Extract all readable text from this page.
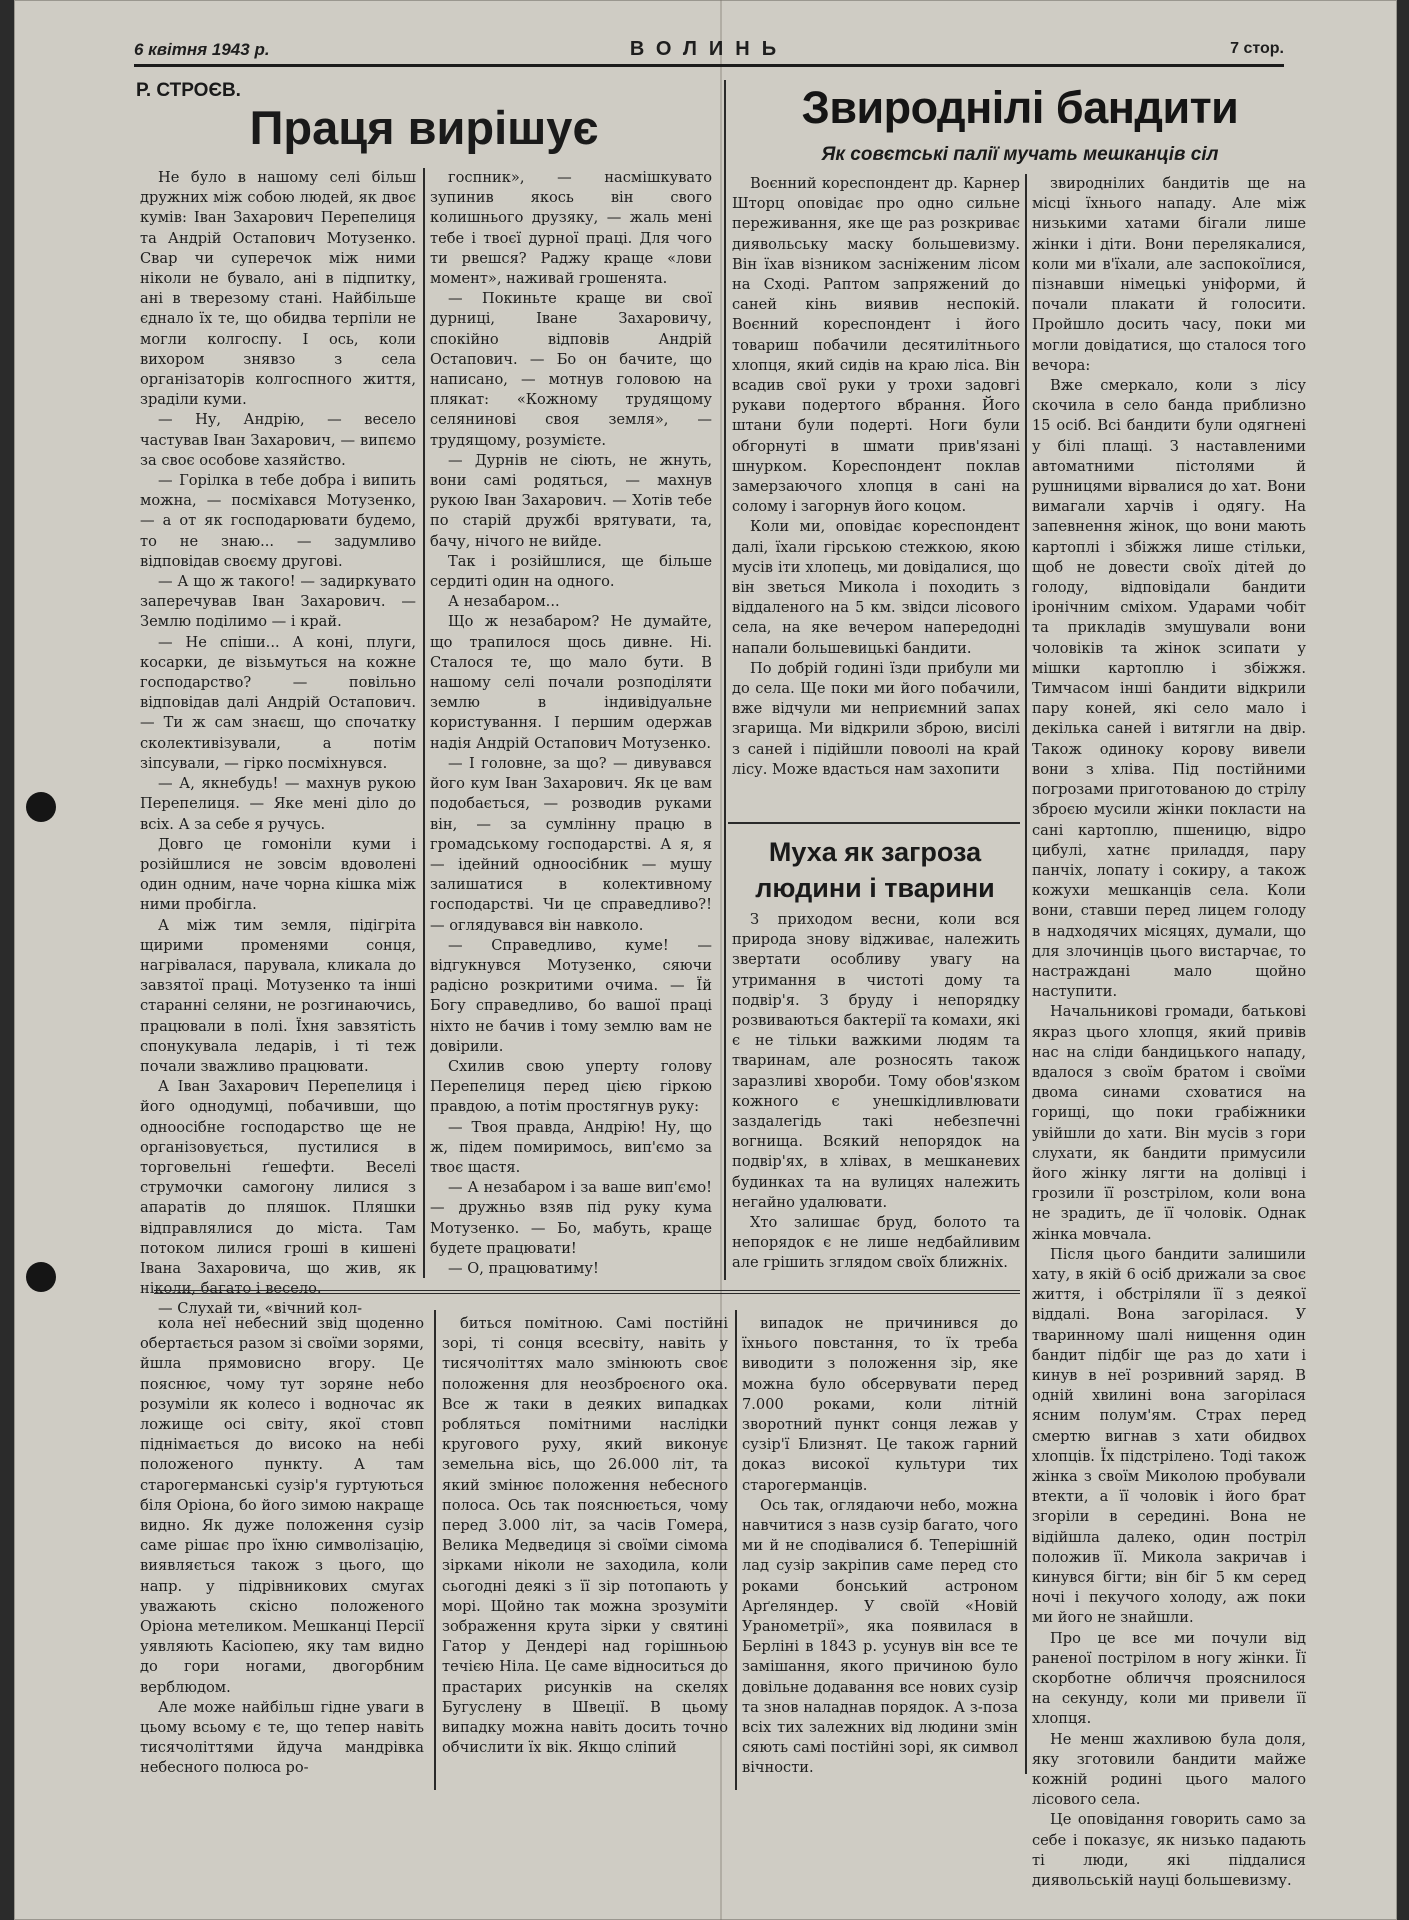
6 квітня 1943 р.	ВОЛИНЬ	7 стор.
Р. СТРОЄВ.
Праця вирішує

Не було в нашому селі більш дружних між собою людей, як двоє кумів: Іван Захарович Перепелиця та Андрій Остапович Мотузенко. Свар чи суперечок між ними ніколи не бувало, ані в підпитку, ані в тверезому стані. Найбільше єднало їх те, що обидва терпіли не могли колгоспу. І ось, коли вихором знявзо з села організаторів колгоспного життя, зраділи куми.

— Ну, Андрію, — весело частував Іван Захарович, — випємо за своє особове хазяйство.

— Горілка в тебе добра і випить можна, — посміхався Мотузенко, — а от як господарювати будемо, то не знаю... — задумливо відповідав своєму другові.

— А що ж такого! — задиркувато заперечував Іван Захарович. — Землю поділимо — і край.

— Не спіши... А коні, плуги, косарки, де візьмуться на кожне господарство? — повільно відповідав далі Андрій Остапович. — Ти ж сам знаєш, що спочатку сколективізували, а потім зіпсували, — гірко посміхнувся.

— А, якнебудь! — махнув рукою Перепелиця. — Яке мені діло до всіх. А за себе я ручусь.

Довго це гомоніли куми і розійшлися не зовсім вдоволені один одним, наче чорна кішка між ними пробігла.

А між тим земля, підігріта щирими променями сонця, нагрівалася, парувала, кликала до завзятої праці. Мотузенко та інші старанні селяни, не розгинаючись, працювали в полі. Їхня завзятість спонукувала ледарів, і ті теж почали зважливо працювати.

А Іван Захарович Перепелиця і його однодумці, побачивши, що одноосібне господарство ще не організовується, пустилися в торговельні ґешефти. Веселі струмочки самогону лилися з апаратів до пляшок. Пляшки відправлялися до міста. Там потоком лилися гроші в кишені Івана Захаровича, що жив, як ніколи, багато і весело.

— Слухай ти, «вічний кол-

госпник», — насмішкувато зупинив якось він свого колишнього друзяку, — жаль мені тебе і твоєї дурної праці. Для чого ти рвешся? Раджу краще «лови момент», наживай грошенята.

— Покиньте краще ви свої дурниці, Іване Захаровичу, спокійно відповів Андрій Остапович. — Бо он бачите, що написано, — мотнув головою на плякат: «Кожному трудящому селянинові своя земля», — трудящому, розумієте.

— Дурнів не сіють, не жнуть, вони самі родяться, — махнув рукою Іван Захарович. — Хотів тебе по старій дружбі врятувати, та, бачу, нічого не вийде.

Так і розійшлися, ще більше сердиті один на одного.

А незабаром...

Що ж незабаром? Не думайте, що трапилося щось дивне. Ні. Сталося те, що мало бути. В нашому селі почали розподіляти землю в індивідуальне користування. І першим одержав надія Андрій Остапович Мотузенко.

— І головне, за що? — дивувався його кум Іван Захарович. Як це вам подобається, — розводив руками він, — за сумлінну працю в громадському господарстві. А я, я — ідейний одноосібник — мушу залишатися в колективному господарстві. Чи це справедливо?! — оглядувався він навколо.

— Справедливо, куме! — відгукнувся Мотузенко, сяючи радісно розкритими очима. — Їй Богу справедливо, бо вашої праці ніхто не бачив і тому землю вам не довірили.

Схилив свою уперту голову Перепелиця перед цією гіркою правдою, а потім простягнув руку:

— Твоя правда, Андрію! Ну, що ж, підем помиримось, вип'ємо за твоє щастя.

— А незабаром і за ваше вип'ємо! — дружньо взяв під руку кума Мотузенко. — Бо, мабуть, краще будете працювати!

— О, працюватиму!

Звироднілі бандити
Як совєтські палії мучать мешканців сіл

Воєнний кореспондент др. Карнер Шторц оповідає про одно сильне переживання, яке ще раз розкриває диявольську маску большевизму. Він їхав візником засніженим лісом на Сході. Раптом запряжений до саней кінь виявив неспокій. Воєнний кореспондент і його товариш побачили десятилітнього хлопця, який сидів на краю ліса. Він всадив свої руки у трохи задовгі рукави подертого вбрання. Його штани були подерті. Ноги були обгорнуті в шмати прив'язані шнурком. Кореспондент поклав замерзаючого хлопця в сані на солому і загорнув його коцом.

Коли ми, оповідає кореспондент далі, їхали гірською стежкою, якою мусів іти хлопець, ми довідалися, що він зветься Микола і походить з віддаленого на 5 км. звідси лісового села, на яке вечером напередодні напали большевицькі бандити.

По добрій годині їзди прибули ми до села. Ще поки ми його побачили, вже відчули ми неприємний запах згарища. Ми відкрили зброю, висілі з саней і підійшли повоолі на край лісу. Може вдасться нам захопити

звироднілих бандитів ще на місці їхнього нападу. Але між низькими хатами бігали лише жінки і діти. Вони перелякалися, коли ми в'їхали, але заспокоїлися, пізнавши німецькі уніформи, й почали плакати й голосити. Пройшло досить часу, поки ми могли довідатися, що сталося того вечора:

Вже смеркало, коли з лісу скочила в село банда приблизно 15 осіб. Всі бандити були одягнені у білі плащі. З наставленими автоматними пістолями й рушницями вірвалися до хат. Вони вимагали харчів і одягу. На запевнення жінок, що вони мають картоплі і збіжжя лише стільки, щоб не довести своїх дітей до голоду, відповідали бандити іронічним сміхом. Ударами чобіт та прикладів змушували вони чоловіків та жінок зсипати у мішки картоплю і збіжжя. Тимчасом інші бандити відкрили пару коней, які село мало і декілька саней і витягли на двір. Також одиноку корову вивели вони з хліва. Під постійними погрозами приготованою до стрілу зброєю мусили жінки покласти на сані картоплю, пшеницю, відро цибулі, хатнє приладдя, пару панчіх, лопату і сокиру, а також кожухи мешканців села. Коли вони, ставши перед лицем голоду в надходячих місяцях, думали, що для злочинців цього вистарчає, то настраждані мало щойно наступити.

Начальникові громади, батькові якраз цього хлопця, який привів нас на сліди бандицького нападу, вдалося з своїм братом і своїми двома синами сховатися на горищі, що поки грабіжники увійшли до хати. Він мусів з гори слухати, як бандити примусили його жінку лягти на долівці і грозили її розстрілом, коли вона не зрадить, де її чоловік. Однак жінка мовчала.

Після цього бандити залишили хату, в якій 6 осіб дрижали за своє життя, і обстріляли її з деякої віддалі. Вона загорілася. У тваринному шалі нищення один бандит підбіг ще раз до хати і кинув в неї розривний заряд. В одній хвилині вона загорілася ясним полум'ям. Страх перед смертю вигнав з хати обидвох хлопців. Їх підстрілено. Тоді також жінка з своїм Миколою пробували втекти, а її чоловік і його брат згоріли в середині. Вона не відійшла далеко, один постріл положив її. Микола закричав і кинувся бігти; він біг 5 км серед ночі і пекучого холоду, аж поки ми його не знайшли.

Про це все ми почули від раненої пострілом в ногу жінки. Її скорботне обличчя прояснилося на секунду, коли ми привели її хлопця.

Не менш жахливою була доля, яку зготовили бандити майже кожній родині цього малого лісового села.

Це оповідання говорить само за себе і показує, як низько падають ті люди, які піддалися диявольській науці большевизму.

Муха як загроза людини і тварини

З приходом весни, коли вся природа знову відживає, належить звертати особливу увагу на утримання в чистоті дому та подвір'я. З бруду і непорядку розвиваються бактерії та комахи, які є не тільки важкими людям та тваринам, але розносять також заразливі хвороби. Тому обов'язком кожного є унешкідливлювати заздалегідь такі небезпечні вогнища. Всякий непорядок на подвір'ях, в хлівах, в мешканевих будинках та на вулицях належить негайно удалювати.

Хто залишає бруд, болото та непорядок є не лише недбайливим але грішить зглядом своїх ближніх.

кола неї небесний звід щоденно обертається разом зі своїми зорями, йшла прямовисно вгору. Це пояснює, чому тут зоряне небо розуміли як колесо і водночас як ложище осі світу, якої стовп піднімається до високо на небі положеного пункту. А там старогерманські сузір'я гуртуються біля Оріона, бо його зимою накраще видно. Як дуже положення сузір саме рішає про їхню символізацію, виявляється також з цього, що напр. у підрівникових смугах уважають скісно положеного Оріона метеликом. Мешканці Персії уявляють Касіопею, яку там видно до гори ногами, двогорбним верблюдом.

Але може найбільш гідне уваги в цьому всьому є те, що тепер навіть тисячоліттями йдуча мандрівка небесного полюса ро-

биться помітною. Самі постійні зорі, ті сонця всесвіту, навіть у тисячоліттях мало змінюють своє положення для неозброєного ока. Все ж таки в деяких випадках робляться помітними наслідки кругового руху, який виконує земельна вісь, що 26.000 літ, та який змінює положення небесного полоса. Ось так пояснюється, чому перед 3.000 літ, за часів Гомера, Велика Медведиця зі своїми сімома зірками ніколи не заходила, коли сьогодні деякі з її зір потопають у морі. Щойно так можна зрозуміти зображення крута зірки у святині Гатор у Дендері над горішньою течією Ніла. Це саме відноситься до прастарих рисунків на скелях Бугуслену в Швеції. В цьому випадку можна навіть досить точно обчислити їх вік. Якщо сліпий

випадок не причинився до їхнього повстання, то їх треба виводити з положення зір, яке можна було обсервувати перед 7.000 роками, коли літній зворотний пункт сонця лежав у сузір'ї Близнят. Це також гарний доказ високої культури тих старогерманців.

Ось так, оглядаючи небо, можна навчитися з назв сузір багато, чого ми й не сподівалися б. Теперішній лад сузір закріпив саме перед сто роками бонський астроном Арґеляндер. У своїй «Новій Уранометрії», яка появилася в Берліні в 1843 р. усунув він все те замішання, якого причиною було довільне додавання все нових сузір та знов наладнав порядок. А з-поза всіх тих залежних від людини змін сяють самі постійні зорі, як символ вічности.
